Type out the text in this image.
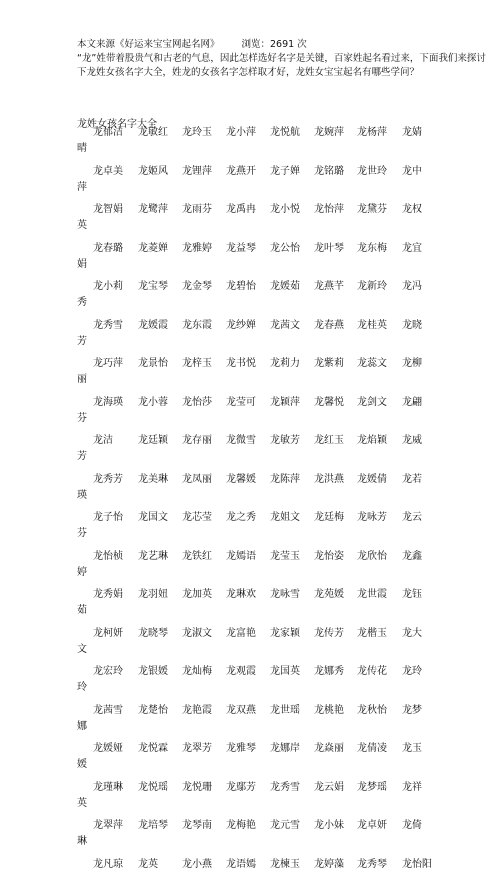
本文来源《好运来宝宝网起名网》 浏览：2691 次
“龙”姓带着股贵气和古老的气息，因此怎样选好名字是关键，百家姓起名看过来，下面我们来探讨下龙姓女孩名字大全，姓龙的女孩名字怎样取才好，龙姓女宝宝起名有哪些学问？
龙姓女孩名字大全
龙郁洁 龙敏红 龙玲玉 龙小萍 龙悦航 龙婉萍 龙杨萍 龙婧
晴
龙卓美 龙姬风 龙锂萍 龙燕开 龙子婵 龙铭璐 龙世玲 龙中
萍
龙智娟 龙鹭萍 龙雨芬 龙禹冉 龙小悦 龙怡萍 龙黛芬 龙权
英
龙春璐 龙菱婵 龙雅婷 龙益琴 龙公怡 龙叶琴 龙东梅 龙宜
娟
龙小莉 龙宝琴 龙金琴 龙碧怡 龙媛茹 龙燕芊 龙新玲 龙冯
秀
龙秀雪 龙媛霞 龙东霞 龙纱婵 龙茜文 龙春燕 龙桂英 龙晓
芳
龙巧萍 龙景怡 龙梓玉 龙书悦 龙莉力 龙紫莉 龙蕊文 龙柳
丽
龙海瑛 龙小蓉 龙怡莎 龙莹可 龙颖萍 龙馨悦 龙剑文 龙翩
芬
龙洁	龙廷颖 龙存丽 龙微雪 龙敏芳 龙红玉 龙焰颖 龙威
芳
龙秀芳 龙美琳 龙凤丽 龙馨媛 龙陈萍 龙洪燕 龙媛倩 龙若
瑛
龙子怡 龙国文 龙芯莹 龙之秀 龙姐文 龙廷梅 龙咏芳 龙云
芬
龙怡桢 龙艺琳 龙铁红 龙嫣语 龙莹玉 龙怡姿 龙欣怡 龙鑫
婷
龙秀娟 龙羽妞 龙加英 龙琳欢 龙咏雪 龙苑媛 龙世霞 龙钰
茹
龙柯妍 龙晓琴 龙淑文 龙富艳 龙家颖 龙传芳 龙楷玉 龙大
文
龙宏玲 龙银媛 龙灿梅 龙观霞 龙国英 龙娜秀 龙传花 龙玲
玲
龙茜雪 龙楚怡 龙艳霞 龙双燕 龙世瑶 龙桃艳 龙秋怡 龙梦
娜
龙媛娅 龙悦霖 龙翠芳 龙雅琴 龙娜岸 龙焱丽 龙倩凌 龙玉
媛
龙瑾琳 龙悦瑶 龙悦珊 龙鄢芳 龙秀雪 龙云娟 龙梦瑶 龙祥
英
龙翠萍 龙培琴 龙琴南 龙梅艳 龙元雪 龙小妹 龙卓妍 龙倚
琳
龙凡琼 龙英 龙小燕 龙语嫣 龙楝玉 龙婷藻 龙秀琴 龙怡阳
